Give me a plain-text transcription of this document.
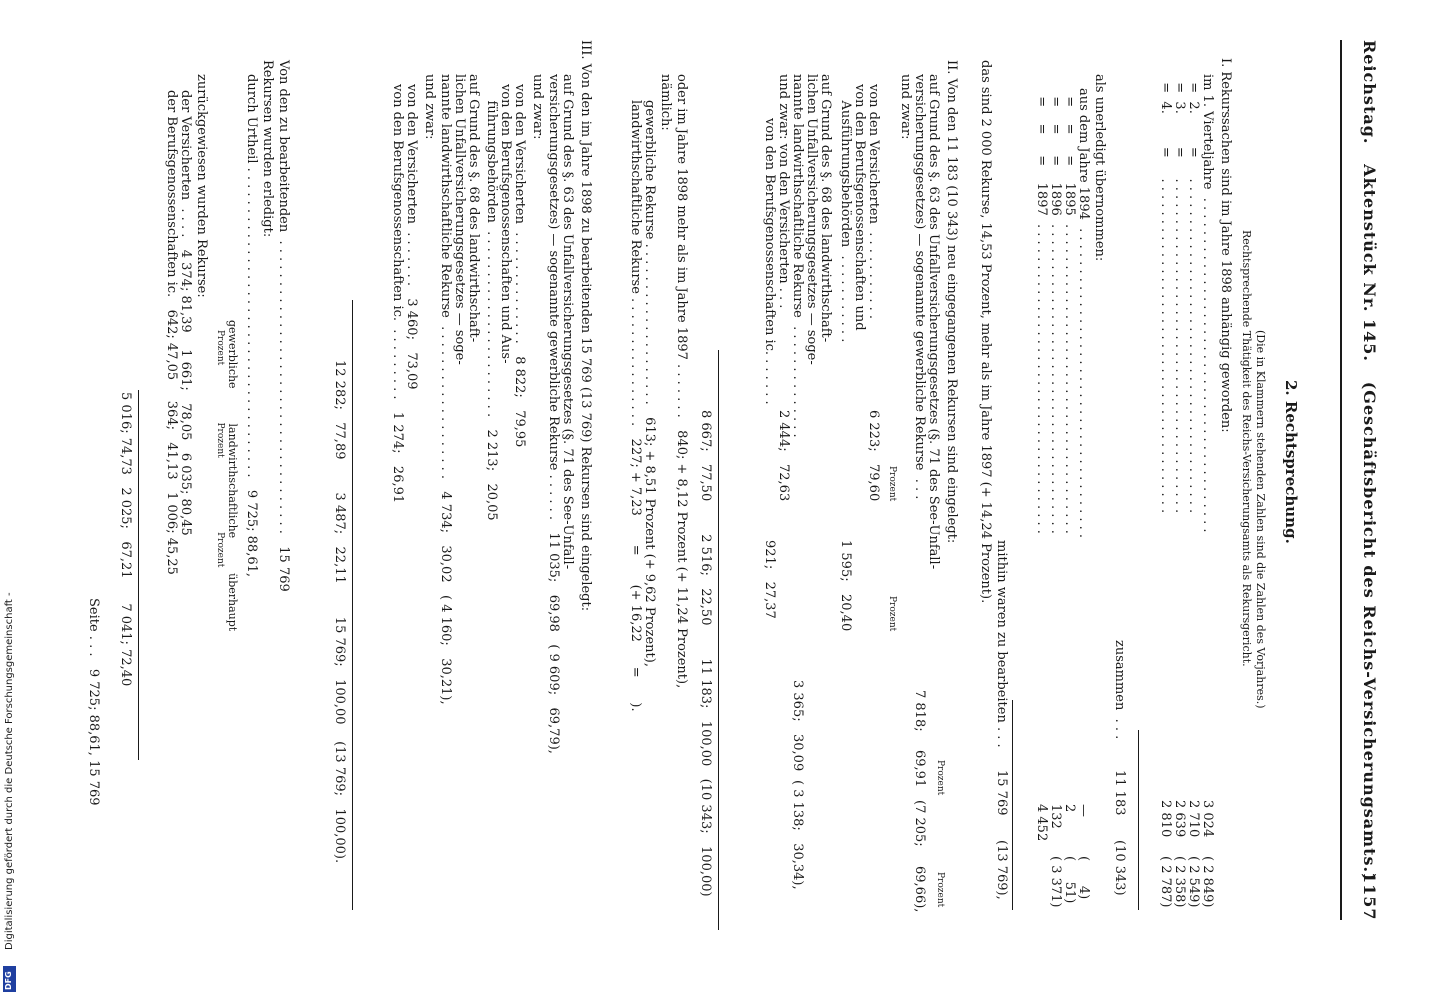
Reichstag.   Aktenstück Nr. 145.   (Geschäftsbericht des Reichs-Versicherungsamts.)
1157
2. Rechtsprechung.
(Die in Klammern stehenden Zahlen sind die Zahlen des Vorjahres.)
Rechtsprechende Thätigkeit des Reichs-Versicherungsamts als Rekursgericht.
I. Rekurssachen sind im Jahre 1898 anhängig geworden:
im 1. Vierteljahre  . . . . . . . . . . . . . . . . . . . . . . . . . . . . . . . . . . . . . . . . .
3 024
( 2 849)
=  2.        =     . . . . . . . . . . . . . . . . . . . . . . . . . . . . . . . . . . . . . . . . .
2 710
( 2 549)
=  3.        =     . . . . . . . . . . . . . . . . . . . . . . . . . . . . . . . . . . . . . . . . .
2 639
( 2 358)
=  4.        =     . . . . . . . . . . . . . . . . . . . . . . . . . . . . . . . . . . . . . . . . .
2 810
( 2 787)
zusammen  . . .
11 183
(10 343)
als unerledigt übernommen:
aus dem Jahre 1894  . . . . . . . . . . . . . . . . . . . . . . . . . . . . . . . . . . . . . .
—
(      4)
=    =     =    1895  . . . . . . . . . . . . . . . . . . . . . . . . . . . . . . . . . . . . . .
2
(     51)
=    =     =    1896  . . . . . . . . . . . . . . . . . . . . . . . . . . . . . . . . . . . . . .
132
( 3 371)
=    =     =    1897  . . . . . . . . . . . . . . . . . . . . . . . . . . . . . . . . . . . . . .
4 452
mithin waren zu bearbeiten . . .
15 769
(13 769),
das sind 2 000 Rekurse, 14,53 Prozent, mehr als im Jahre 1897 (+ 14,24 Prozent).
II. Von den 11 183 (10 343) neu eingegangenen Rekursen sind eingelegt:
auf Grund des §. 63 des Unfallversicherungsgesetzes (§. 71 des See-Unfall-
Prozent
Prozent
versicherungsgesetzes) — sogenannte gewerbliche Rekurse  . . .
7 818;
69,91
(7 205;
69,66),
und zwar:
Prozent
Prozent
von den Versicherten  . . . . . . . . . . .
6 223;   79,60
von den Berufsgenossenschaften und
Ausführungsbehörden  . . . . . . . . . . .
1 595;   20,40
auf Grund des §. 68 des landwirthschaft-
lichen Unfallversicherungsgesetzes — soge-
nannte landwirthschaftliche Rekurse  . . . . . . . . . . . . . .
3 365;   30,09
( 3 138;   30,34),
und zwar: von den Versicherten . . .
2 444;   72,63
von den Berufsgenossenschaften ic. . . . . . .
921;   27,37
8 667;   77,50        2 516;   22,50        11 183;   100,00   (10 343;   100,00)
oder im Jahre 1898 mehr als im Jahre 1897 . . . . . . .   840; + 8,12 Prozent (+ 11,24 Prozent),
nämlich:
gewerbliche Rekurse . . . . . . . . . . . . . . . . . . . .   613; + 8,51 Prozent (+ 9,62 Prozent),
landwirthschaftliche Rekurse . . . . . . . . . . . . . . . .   227; + 7,23       =       (+ 16,22      =      ).
III. Von den im Jahre 1898 zu bearbeitenden 15 769 (13 769) Rekursen sind eingelegt:
auf Grund des §. 63 des Unfallversicherungsgesetzes (§. 71 des See-Unfall-
versicherungsgesetzes) — sogenannte gewerbliche Rekurse . . . . . .   11 035;   69,98   ( 9 609;   69,79),
und zwar:
von den Versicherten  . . . . . . . . . . . . . .   8 822;   79,95
von den Berufsgenossenschaften und Aus-
führungsbehörden  . . . . . . . . . . . . . . . . . . . . . . .   2 213;   20,05
auf Grund des §. 68 des landwirthschaft-
lichen Unfallversicherungsgesetzes — soge-
nannte landwirthschaftliche Rekurse  . . . . . . . . . . . . . . . . . . .   4 734;   30,02   ( 4 160;   30,21),
und zwar:
von den Versicherten  . . . . . . .   3 460;   73,09
von den Berufsgenossenschaften ic.  . . . . . . . . .   1 274;   26,91
12 282;   77,89        3 487;   22,11        15 769;   100,00    (13 769;   100,00).
Von den zu bearbeitenden  . . . . . . . . . . . . . . . . . . . . . . . . . . . . . . . . . . . .   15 769
Rekursen wurden erledigt:
durch Urtheil . . . . . . . . . . . . . . . . . . . . . . . . . . . . . . . . . . . . . .   9 725; 88,61,
gewerbliche          landwirthschaftliche          überhaupt
Prozent                    Prozent                          Prozent
zurückgewiesen wurden Rekurse:
der Versicherten  . . . .   4 374; 81,39    1 661;   78,05   6 035; 80,45
der Berufsgenossenschaften ic.   642; 47,05     364;   41,13   1 006; 45,25
5 016; 74,73   2 025;   67,21      7 041; 72,40
Seite . . .   9 725; 88,61, 15 769
Digitalisierung gefördert durch die Deutsche Forschungsgemeinschaft -
DFG
